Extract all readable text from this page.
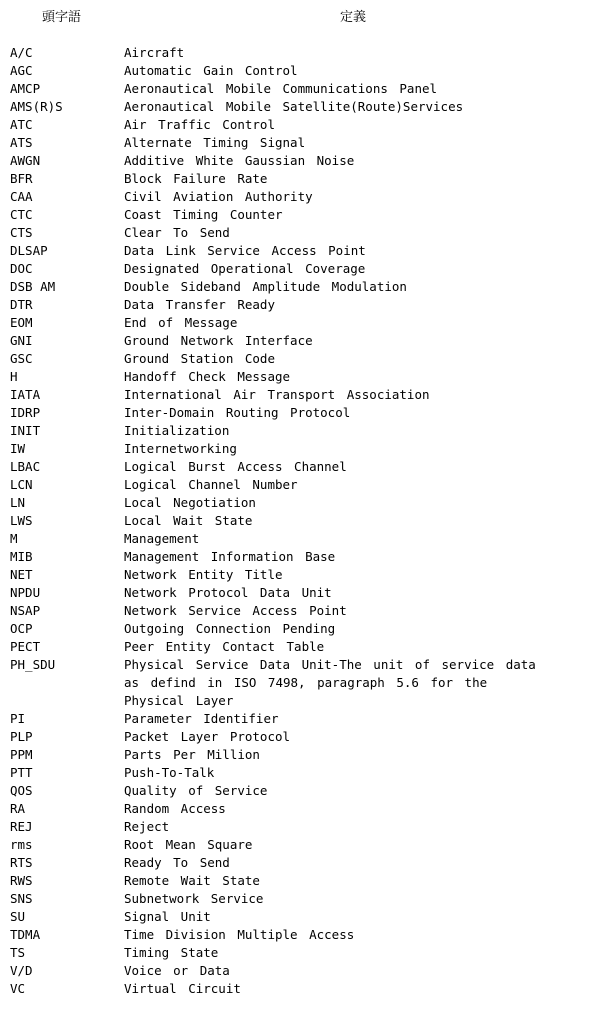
頭字語	定義
A/C	Aircraft
AGC	Automatic Gain Control
AMCP	Aeronautical Mobile Communications Panel
AMS(R)S	Aeronautical Mobile Satellite(Route)Services
ATC	Air Traffic Control
ATS	Alternate Timing Signal
AWGN	Additive White Gaussian Noise
BFR	Block Failure Rate
CAA	Civil Aviation Authority
CTC	Coast Timing Counter
CTS	Clear To Send
DLSAP	Data Link Service Access Point
DOC	Designated Operational Coverage
DSB AM	Double Sideband Amplitude Modulation
DTR	Data Transfer Ready
EOM	End of Message
GNI	Ground Network Interface
GSC	Ground Station Code
H	Handoff Check Message
IATA	International Air Transport Association
IDRP	Inter-Domain Routing Protocol
INIT	Initialization
IW	Internetworking
LBAC	Logical Burst Access Channel
LCN	Logical Channel Number
LN	Local Negotiation
LWS	Local Wait State
M	Management
MIB	Management Information Base
NET	Network Entity Title
NPDU	Network Protocol Data Unit
NSAP	Network Service Access Point
OCP	Outgoing Connection Pending
PECT	Peer Entity Contact Table
PH_SDU	Physical Service Data Unit-The unit of service data
as defind in ISO 7498, paragraph 5.6 for the
Physical Layer
PI	Parameter Identifier
PLP	Packet Layer Protocol
PPM	Parts Per Million
PTT	Push-To-Talk
QOS	Quality of Service
RA	Random Access
REJ	Reject
rms	Root Mean Square
RTS	Ready To Send
RWS	Remote Wait State
SNS	Subnetwork Service
SU	Signal Unit
TDMA	Time Division Multiple Access
TS	Timing State
V/D	Voice or Data
VC	Virtual Circuit
